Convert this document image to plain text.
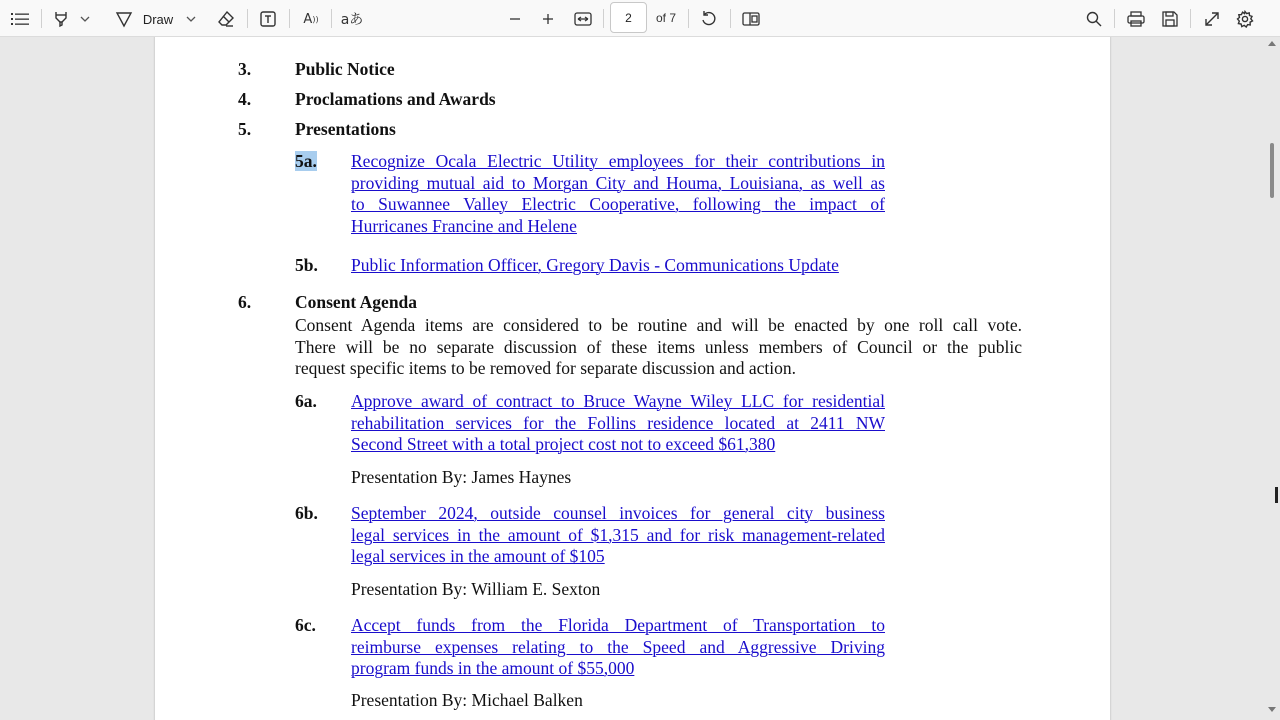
Draw	A )) aあ
2	of 7
3.	Public Notice
4.	Proclamations and Awards
5.	Presentations
5a. Recognize Ocala Electric Utility employees for their contributions in
providing mutual aid to Morgan City and Houma, Louisiana, as well as
to Suwannee Valley Electric Cooperative, following the impact of
Hurricanes Francine and Helene
5b. Public Information Officer, Gregory Davis - Communications Update
6.	Consent Agenda
Consent Agenda items are considered to be routine and will be enacted by one roll call vote.
There will be no separate discussion of these items unless members of Council or the public
request specific items to be removed for separate discussion and action.
6a. Approve award of contract to Bruce Wayne Wiley LLC for residential
rehabilitation services for the Follins residence located at 2411 NW
Second Street with a total project cost not to exceed $61,380
Presentation By: James Haynes
6b. September 2024, outside counsel invoices for general city business
legal services in the amount of $1,315 and for risk management-related
legal services in the amount of $105
Presentation By: William E. Sexton
6c. Accept funds from the Florida Department of Transportation to
reimburse expenses relating to the Speed and Aggressive Driving
program funds in the amount of $55,000
Presentation By: Michael Balken
